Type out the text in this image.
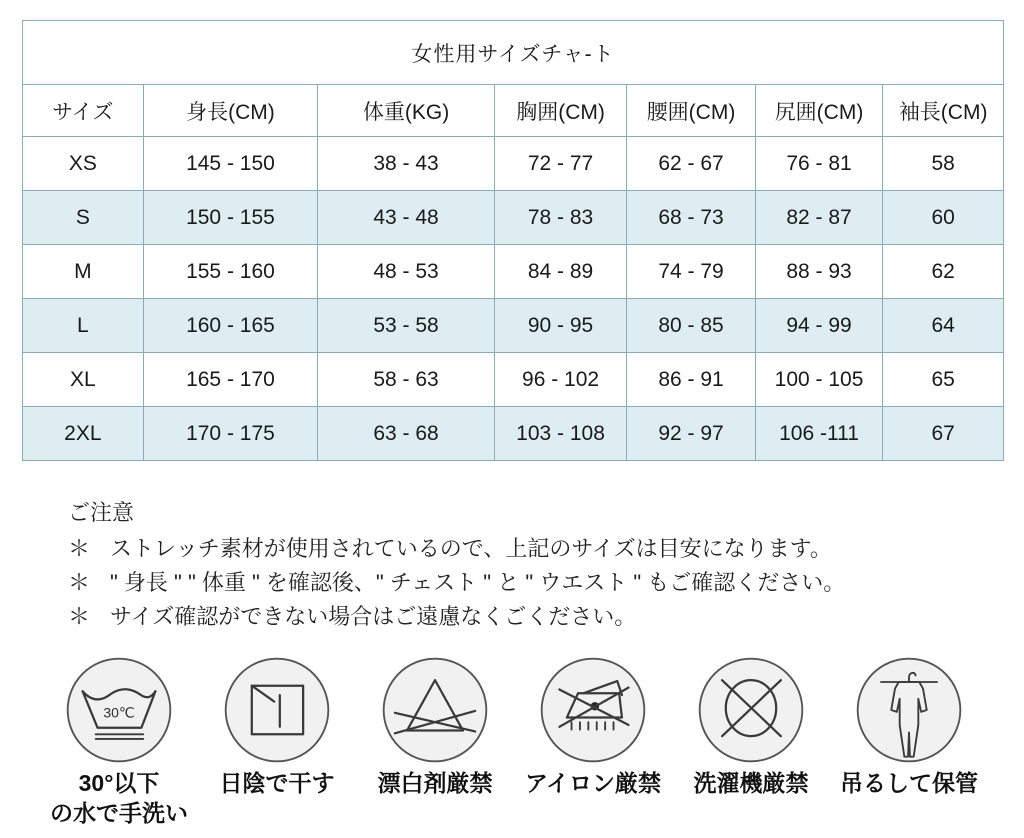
女性用サイズチャ-ト						
サイズ	身長(CM)	体重(KG)	胸囲(CM)	腰囲(CM)	尻囲(CM)	袖長(CM)
XS	145 - 150	38 - 43	72 - 77	62 - 67	76 - 81	58
S	150 - 155	43 - 48	78 - 83	68 - 73	82 - 87	60
M	155 - 160	48 - 53	84 - 89	74 - 79	88 - 93	62
L	160 - 165	53 - 58	90 - 95	80 - 85	94 - 99	64
XL	165 - 170	58 - 63	96 - 102	86 - 91	100 - 105	65
2XL	170 - 175	63 - 68	103 - 108	92 - 97	106 -111	67
ご注意
＊ ストレッチ素材が使用されているので、上記のサイズは目安になります。
＊ " 身長 " " 体重 " を確認後、" チェスト " と " ウエスト " もご確認ください。
＊ サイズ確認ができない場合はご遠慮なくごください。
30℃
30°以下
の水で手洗い
日陰で干す 漂白剤厳禁 アイロン厳禁 洗濯機厳禁 吊るして保管
